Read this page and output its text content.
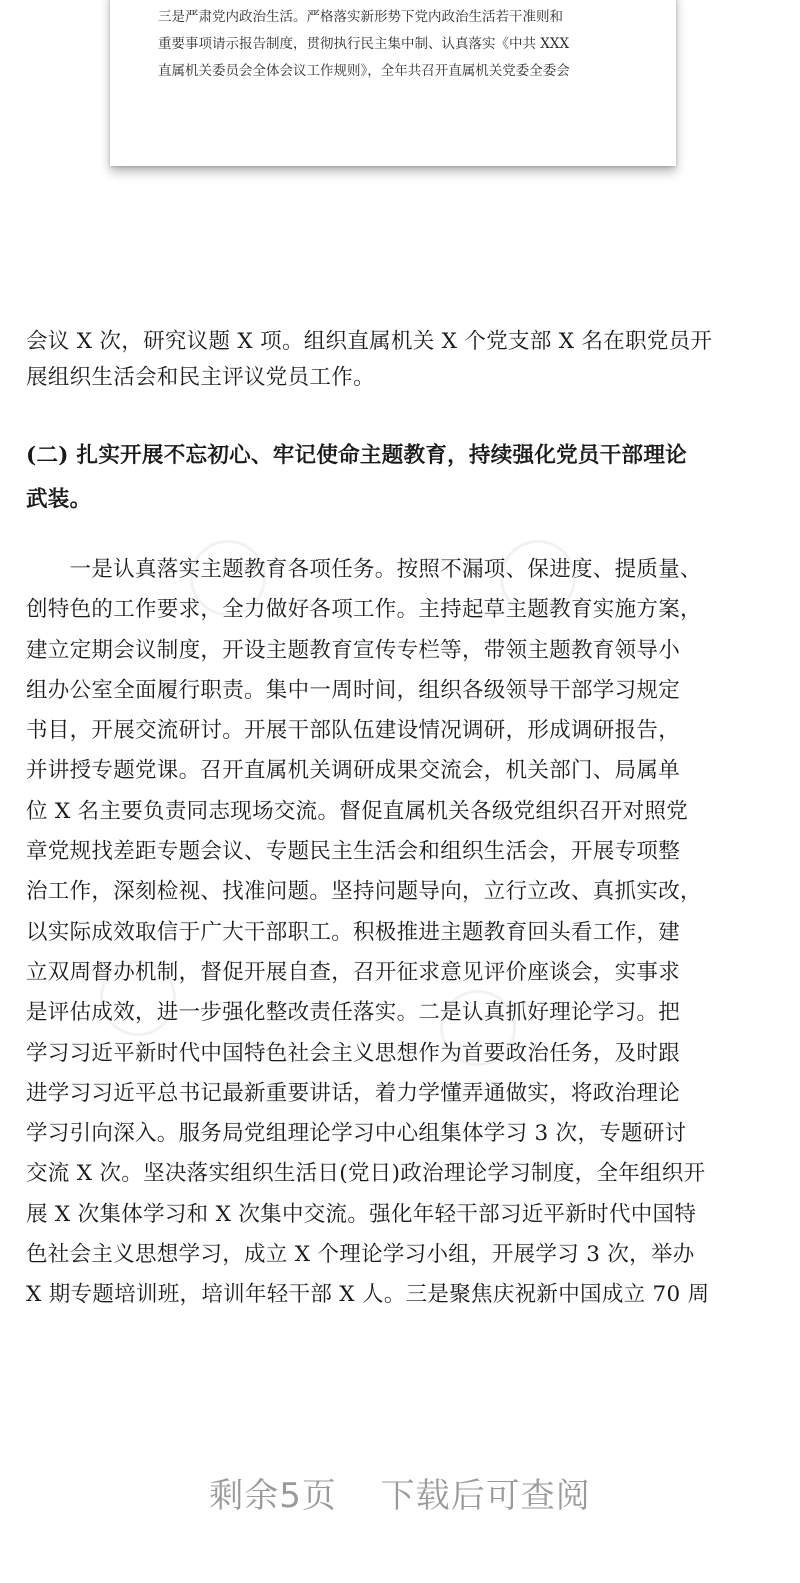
三是严肃党内政治生活。严格落实新形势下党内政治生活若干准则和
重要事项请示报告制度，贯彻执行民主集中制、认真落实《中共 XXX
直属机关委员会全体会议工作规则》，全年共召开直属机关党委全委会

会议 X 次，研究议题 X 项。组织直属机关 X 个党支部 X 名在职党员开
展组织生活会和民主评议党员工作。

(二) 扎实开展不忘初心、牢记使命主题教育，持续强化党员干部理论
武装。

　　一是认真落实主题教育各项任务。按照不漏项、保进度、提质量、
创特色的工作要求，全力做好各项工作。主持起草主题教育实施方案，
建立定期会议制度，开设主题教育宣传专栏等，带领主题教育领导小
组办公室全面履行职责。集中一周时间，组织各级领导干部学习规定
书目，开展交流研讨。开展干部队伍建设情况调研，形成调研报告，
并讲授专题党课。召开直属机关调研成果交流会，机关部门、局属单
位 X 名主要负责同志现场交流。督促直属机关各级党组织召开对照党
章党规找差距专题会议、专题民主生活会和组织生活会，开展专项整
治工作，深刻检视、找准问题。坚持问题导向，立行立改、真抓实改，
以实际成效取信于广大干部职工。积极推进主题教育回头看工作，建
立双周督办机制，督促开展自查，召开征求意见评价座谈会，实事求
是评估成效，进一步强化整改责任落实。二是认真抓好理论学习。把
学习习近平新时代中国特色社会主义思想作为首要政治任务，及时跟
进学习习近平总书记最新重要讲话，着力学懂弄通做实，将政治理论
学习引向深入。服务局党组理论学习中心组集体学习 3 次，专题研讨
交流 X 次。坚决落实组织生活日(党日)政治理论学习制度，全年组织开
展 X 次集体学习和 X 次集中交流。强化年轻干部习近平新时代中国特
色社会主义思想学习，成立 X 个理论学习小组，开展学习 3 次，举办
X 期专题培训班，培训年轻干部 X 人。三是聚焦庆祝新中国成立 70 周

剩余5页 下载后可查阅
